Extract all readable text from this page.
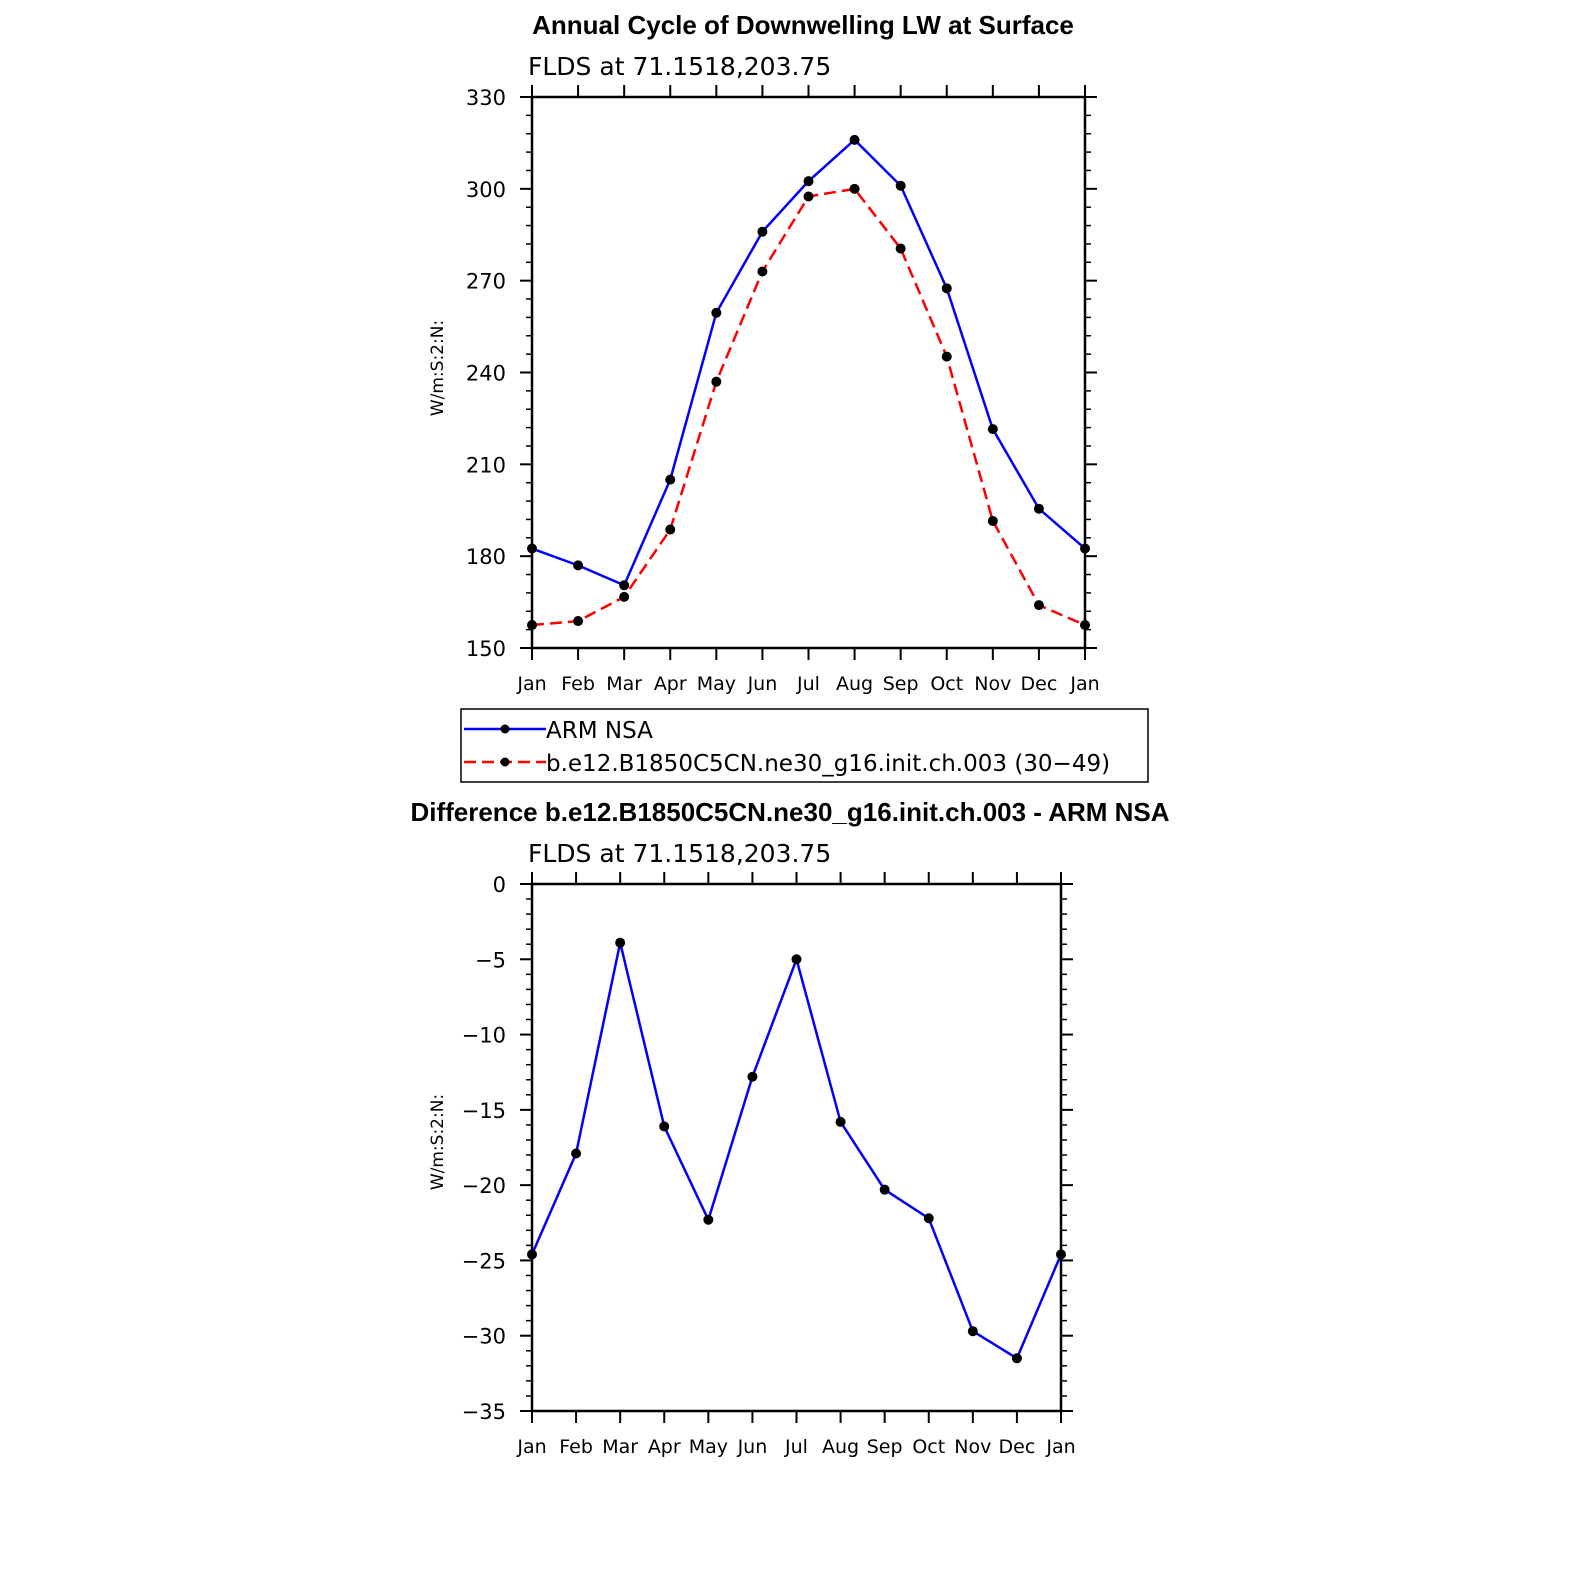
Annual Cycle of Downwelling LW at Surface
FLDS at 71.1518,203.75
W/m:S:2:N:
Jan Feb Mar Apr May Jun Jul Aug Sep Oct Nov Dec Jan
150
180
210
240
270
300
330
ARM NSA
b.e12.B1850C5CN.ne30_g16.init.ch.003 (30−49)
Difference b.e12.B1850C5CN.ne30_g16.init.ch.003 - ARM NSA
FLDS at 71.1518,203.75
W/m:S:2:N:
Jan Feb Mar Apr May Jun Jul Aug Sep Oct Nov Dec Jan
−35
−30
−25
−20
−15
−10
−5
0
